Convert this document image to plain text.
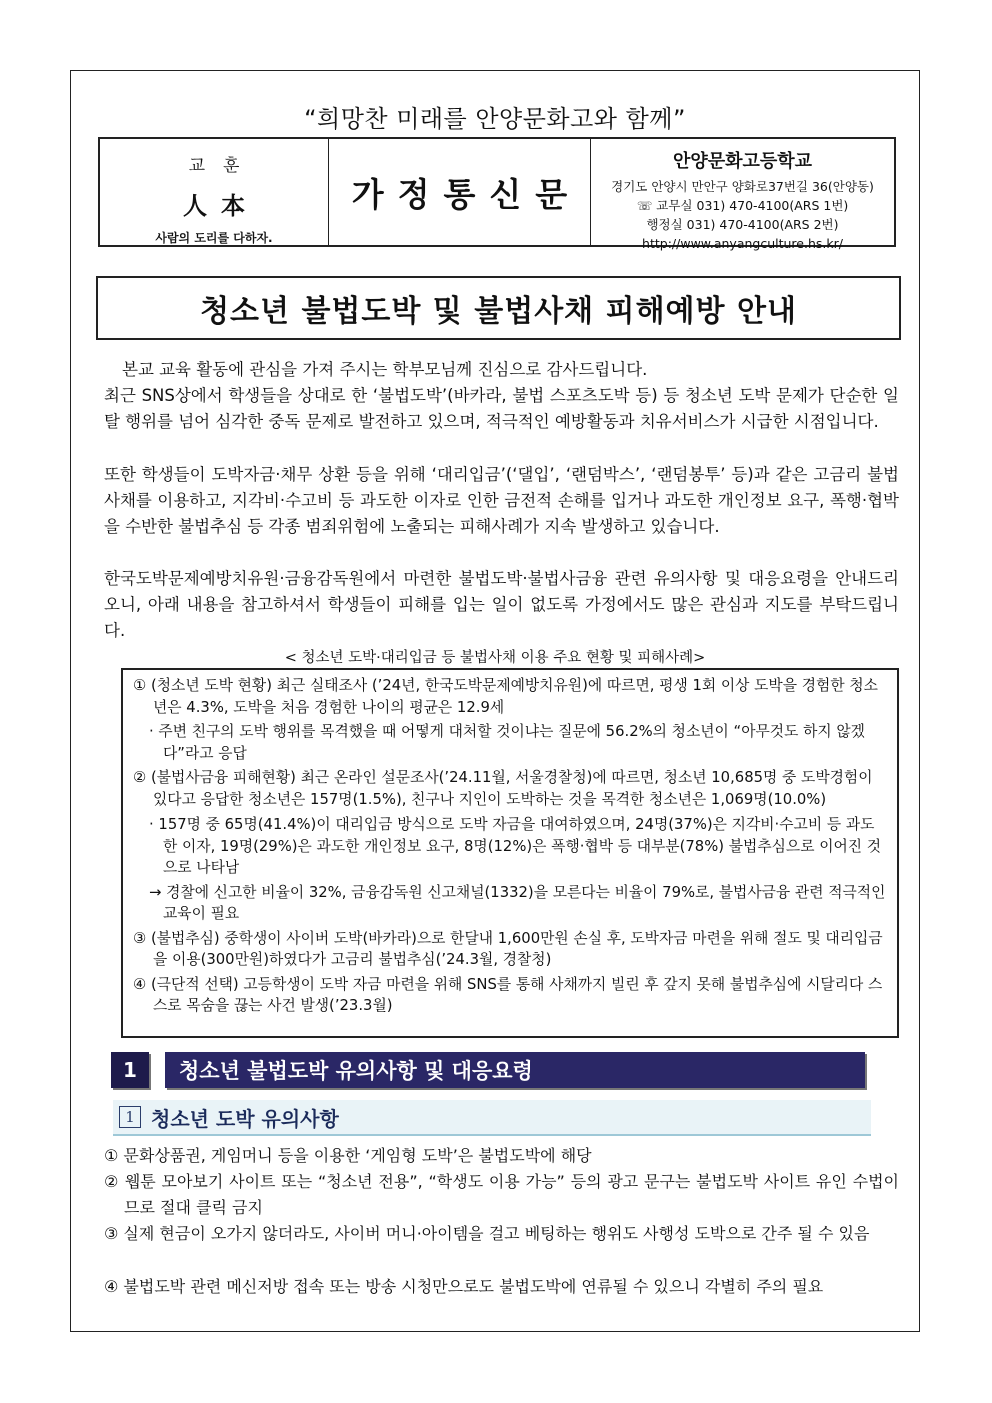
“희망찬 미래를 안양문화고와 함께”
교훈
人本
사람의 도리를 다하자.
가정통신문
안양문화고등학교
경기도 안양시 만안구 양화로37번길 36(안양동)
☏ 교무실 031) 470-4100(ARS 1번)
행정실 031) 470-4100(ARS 2번)
http://www.anyangculture.hs.kr/
청소년 불법도박 및 불법사채 피해예방 안내

본교 교육 활동에 관심을 가져 주시는 학부모님께 진심으로 감사드립니다.

최근 SNS상에서 학생들을 상대로 한 ‘불법도박’(바카라, 불법 스포츠도박 등) 등 청소년 도박 문제가 단순한 일탈 행위를 넘어 심각한 중독 문제로 발전하고 있으며, 적극적인 예방활동과 치유서비스가 시급한 시점입니다.

또한 학생들이 도박자금·채무 상환 등을 위해 ‘대리입금’(‘댈입’, ‘랜덤박스’, ‘랜덤봉투’ 등)과 같은 고금리 불법사채를 이용하고, 지각비·수고비 등 과도한 이자로 인한 금전적 손해를 입거나 과도한 개인정보 요구, 폭행·협박을 수반한 불법추심 등 각종 범죄위험에 노출되는 피해사례가 지속 발생하고 있습니다.

한국도박문제예방치유원·금융감독원에서 마련한 불법도박·불법사금융 관련 유의사항 및 대응요령을 안내드리오니, 아래 내용을 참고하셔서 학생들이 피해를 입는 일이 없도록 가정에서도 많은 관심과 지도를 부탁드립니다.

< 청소년 도박·대리입금 등 불법사채 이용 주요 현황 및 피해사례>

① (청소년 도박 현황) 최근 실태조사 (’24년, 한국도박문제예방치유원)에 따르면, 평생 1회 이상 도박을 경험한 청소년은 4.3%, 도박을 처음 경험한 나이의 평균은 12.9세

· 주변 친구의 도박 행위를 목격했을 때 어떻게 대처할 것이냐는 질문에 56.2%의 청소년이 “아무것도 하지 않겠다”라고 응답

② (불법사금융 피해현황) 최근 온라인 설문조사(’24.11월, 서울경찰청)에 따르면, 청소년 10,685명 중 도박경험이 있다고 응답한 청소년은 157명(1.5%), 친구나 지인이 도박하는 것을 목격한 청소년은 1,069명(10.0%)

· 157명 중 65명(41.4%)이 대리입금 방식으로 도박 자금을 대여하였으며, 24명(37%)은 지각비·수고비 등 과도한 이자, 19명(29%)은 과도한 개인정보 요구, 8명(12%)은 폭행·협박 등 대부분(78%) 불법추심으로 이어진 것으로 나타남

→ 경찰에 신고한 비율이 32%, 금융감독원 신고채널(1332)을 모른다는 비율이 79%로, 불법사금융 관련 적극적인 교육이 필요

③ (불법추심) 중학생이 사이버 도박(바카라)으로 한달내 1,600만원 손실 후, 도박자금 마련을 위해 절도 및 대리입금을 이용(300만원)하였다가 고금리 불법추심(’24.3월, 경찰청)

④ (극단적 선택) 고등학생이 도박 자금 마련을 위해 SNS를 통해 사채까지 빌린 후 갚지 못해 불법추심에 시달리다 스스로 목숨을 끊는 사건 발생(’23.3월)

1	청소년 불법도박 유의사항 및 대응요령
1 청소년 도박 유의사항

① 문화상품권, 게임머니 등을 이용한 ‘게임형 도박’은 불법도박에 해당

② 웹툰 모아보기 사이트 또는 “청소년 전용”, “학생도 이용 가능” 등의 광고 문구는 불법도박 사이트 유인 수법이므로 절대 클릭 금지

③ 실제 현금이 오가지 않더라도, 사이버 머니·아이템을 걸고 베팅하는 행위도 사행성 도박으로 간주 될 수 있음

④ 불법도박 관련 메신저방 접속 또는 방송 시청만으로도 불법도박에 연류될 수 있으니 각별히 주의 필요
